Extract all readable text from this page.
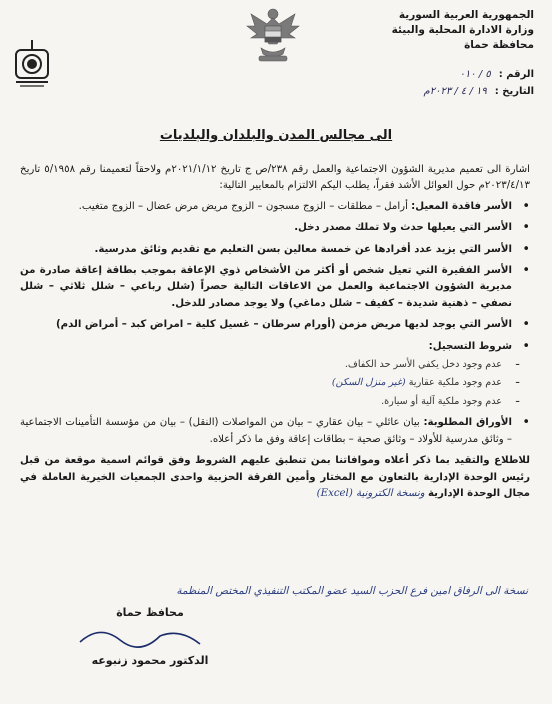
الجمهورية العربية السورية
وزارة الادارة المحلية والبيئة
محافظة حماة
الرقم :
٥ / ٠١٠
التاريخ :
١٩ / ٤ / ٢٠٢٣م
الى مجالس المدن والبلدان والبلديات

اشارة الى تعميم مديرية الشؤون الاجتماعية والعمل رقم ٢٣٨/ص ج تاريخ ٢٠٢١/١/١٢م ولاحقاً لتعميمنا رقم ٥/١٩٥٨ تاريخ ٢٠٢٣/٤/١٣م حول العوائل الأشد فقراً، يطلب اليكم الالتزام بالمعايير التالية:

• الأسر فاقدة المعيل: أرامل – مطلقات – الزوج مسجون – الزوج مريض مرض عضال – الزوج متغيب.
• الأسر التي يعيلها حدث ولا تملك مصدر دخل.
• الأسر التي يزيد عدد أفرادها عن خمسة معالين بسن التعليم مع تقديم وثائق مدرسية.
• الأسر الفقيرة التي تعيل شخص أو أكثر من الأشخاص ذوي الإعاقة بموجب بطاقة إعاقة صادرة من مديرية الشؤون الاجتماعية والعمل من الاعاقات التالية حصراً (شلل رباعي – شلل ثلاثي – شلل نصفي – ذهنية شديدة – كفيف – شلل دماغي) ولا يوجد مصادر للدخل.
• الأسر التي يوجد لديها مريض مزمن (أورام سرطان – غسيل كلية – امراض كبد – أمراض الدم)
• شروط التسجيل:
- عدم وجود دخل يكفي الأسر حد الكفاف.
- عدم وجود ملكية عقارية (غير منزل السكن)
- عدم وجود ملكية آلية أو سيارة.
• الأوراق المطلوبة: بيان عائلي – بيان عقاري – بيان من المواصلات (النقل) – بيان من مؤسسة التأمينات الاجتماعية – وثائق مدرسية للأولاد – وثائق صحية – بطاقات إعاقة وفق ما ذكر أعلاه.

للاطلاع والتقيد بما ذكر أعلاه وموافاتنا بمن تنطبق عليهم الشروط وفق قوائم اسمية موقعة من قبل رئيس الوحدة الإدارية بالتعاون مع المختار وأمين الفرقة الحزبية واحدى الجمعيات الخيرية العاملة في مجال الوحدة الإدارية ونسخة الكترونية (Excel)

نسخة الى الرفاق امين فرع الحزب السيد عضو المكتب التنفيذي المختص المنظمة
محافظ حماة
الدكتور محمود زنبوعه
